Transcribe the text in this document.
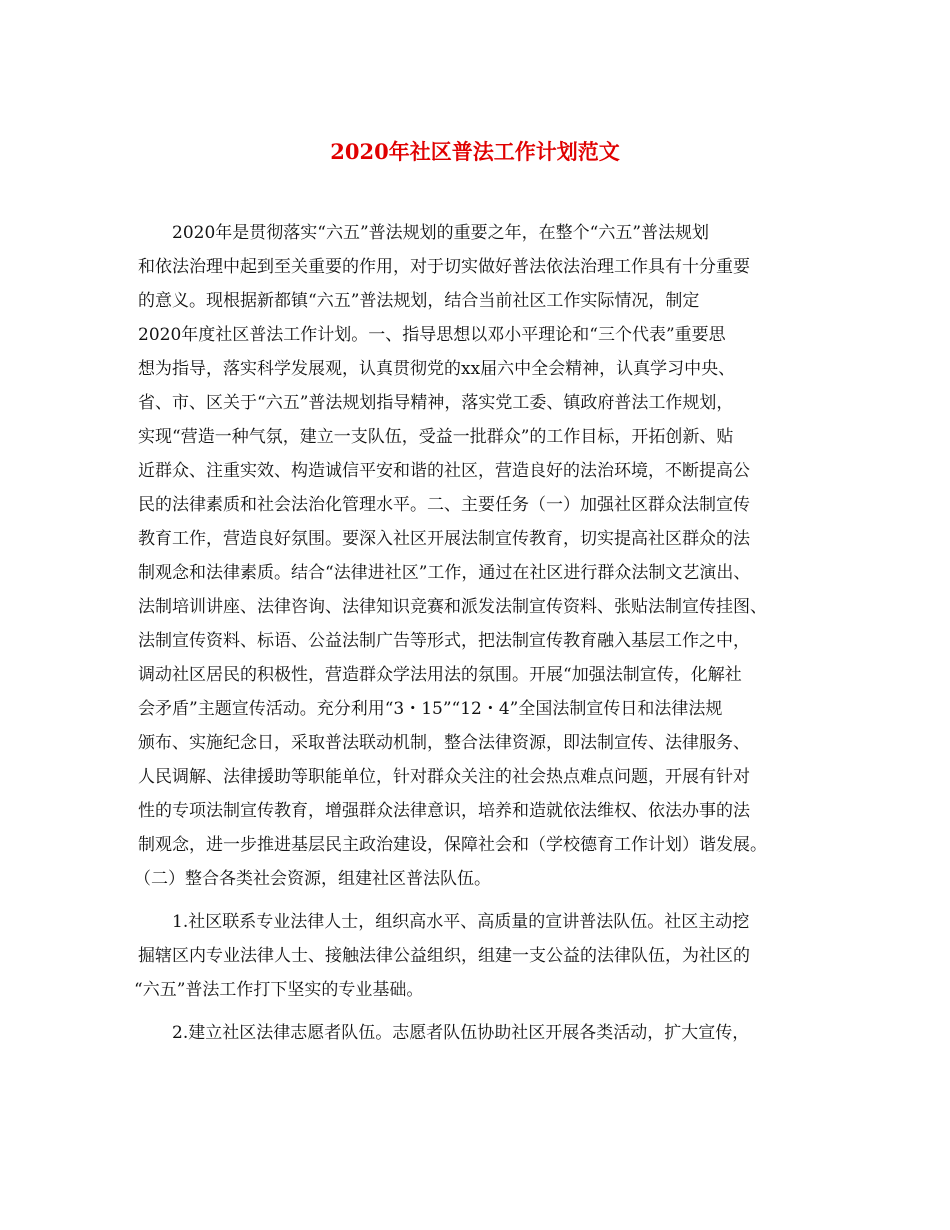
2020年社区普法工作计划范文
2020年是贯彻落实“六五”普法规划的重要之年，在整个“六五”普法规划
和依法治理中起到至关重要的作用，对于切实做好普法依法治理工作具有十分重要
的意义。现根据新都镇“六五”普法规划，结合当前社区工作实际情况，制定
2020年度社区普法工作计划。一、指导思想以邓小平理论和“三个代表”重要思
想为指导，落实科学发展观，认真贯彻党的xx届六中全会精神，认真学习中央、
省、市、区关于“六五”普法规划指导精神，落实党工委、镇政府普法工作规划，
实现“营造一种气氛，建立一支队伍，受益一批群众”的工作目标，开拓创新、贴
近群众、注重实效、构造诚信平安和谐的社区，营造良好的法治环境，不断提高公
民的法律素质和社会法治化管理水平。二、主要任务（一）加强社区群众法制宣传
教育工作，营造良好氛围。要深入社区开展法制宣传教育，切实提高社区群众的法
制观念和法律素质。结合“法律进社区”工作，通过在社区进行群众法制文艺演出、
法制培训讲座、法律咨询、法律知识竞赛和派发法制宣传资料、张贴法制宣传挂图、
法制宣传资料、标语、公益法制广告等形式，把法制宣传教育融入基层工作之中，
调动社区居民的积极性，营造群众学法用法的氛围。开展“加强法制宣传，化解社
会矛盾”主题宣传活动。充分利用“3・15”“12・4”全国法制宣传日和法律法规
颁布、实施纪念日，采取普法联动机制，整合法律资源，即法制宣传、法律服务、
人民调解、法律援助等职能单位，针对群众关注的社会热点难点问题，开展有针对
性的专项法制宣传教育，增强群众法律意识，培养和造就依法维权、依法办事的法
制观念，进一步推进基层民主政治建设，保障社会和（学校德育工作计划）谐发展。
（二）整合各类社会资源，组建社区普法队伍。
1.社区联系专业法律人士，组织高水平、高质量的宣讲普法队伍。社区主动挖
掘辖区内专业法律人士、接触法律公益组织，组建一支公益的法律队伍，为社区的
“六五”普法工作打下坚实的专业基础。
2.建立社区法律志愿者队伍。志愿者队伍协助社区开展各类活动，扩大宣传，
